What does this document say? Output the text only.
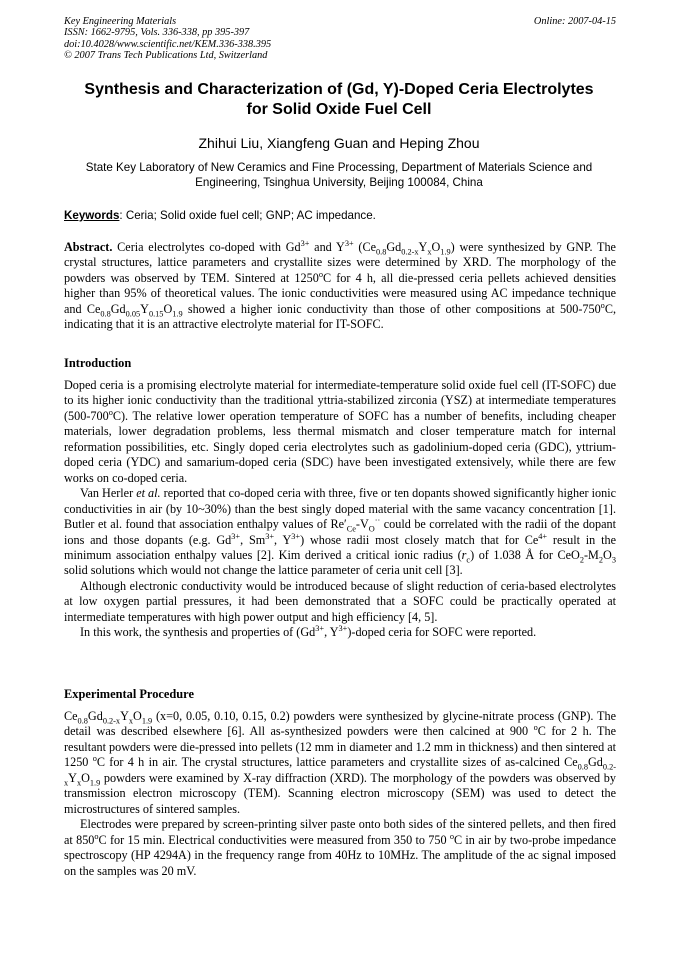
Key Engineering Materials	Online: 2007-04-15
ISSN: 1662-9795, Vols. 336-338, pp 395-397
doi:10.4028/www.scientific.net/KEM.336-338.395
© 2007 Trans Tech Publications Ltd, Switzerland
Synthesis and Characterization of (Gd, Y)-Doped Ceria Electrolytes
for Solid Oxide Fuel Cell
Zhihui Liu, Xiangfeng Guan and Heping Zhou
State Key Laboratory of New Ceramics and Fine Processing, Department of Materials Science and Engineering, Tsinghua University, Beijing 100084, China
Keywords: Ceria; Solid oxide fuel cell; GNP; AC impedance.

Abstract. Ceria electrolytes co-doped with $Gd^{3+}$ and $Y^{3+}$ $(Ce_{0.8}Gd_{0.2-x}Y_xO_{1.9})$ were synthesized by GNP. The crystal structures, lattice parameters and crystallite sizes were determined by XRD. The morphology of the powders was observed by TEM. Sintered at 1250$^o$C for 4 h, all die-pressed ceria pellets achieved densities higher than 95% of theoretical values. The ionic conductivities were measured using AC impedance technique and $Ce_{0.8}Gd_{0.05}Y_{0.15}O_{1.9}$ showed a higher ionic conductivity than those of other compositions at 500-750$^o$C, indicating that it is an attractive electrolyte material for IT-SOFC.

Introduction

Doped ceria is a promising electrolyte material for intermediate-temperature solid oxide fuel cell (IT-SOFC) due to its higher ionic conductivity than the traditional yttria-stabilized zirconia (YSZ) at intermediate temperatures (500-700$^o$C). The relative lower operation temperature of SOFC has a number of benefits, including cheaper materials, lower degradation problems, less thermal mismatch and closer temperature match for internal reformation possibilities, etc. Singly doped ceria electrolytes such as gadolinium-doped ceria (GDC), yttrium-doped ceria (YDC) and samarium-doped ceria (SDC) have been investigated extensively, while there are few works on co-doped ceria.

Van Herler et al. reported that co-doped ceria with three, five or ten dopants showed significantly higher ionic conductivities in air (by 10~30%) than the best singly doped material with the same vacancy concentration [1]. Butler et al. found that association enthalpy values of $Re'_{Ce}-V_O^{\cdot\cdot}$ could be correlated with the radii of the dopant ions and those dopants (e.g. $Gd^{3+}$, $Sm^{3+}$, $Y^{3+}$) whose radii most closely match that for $Ce^{4+}$ result in the minimum association enthalpy values [2]. Kim derived a critical ionic radius $(r_c)$ of 1.038 Å for $CeO_2-M_2O_3$ solid solutions which would not change the lattice parameter of ceria unit cell [3].

Although electronic conductivity would be introduced because of slight reduction of ceria-based electrolytes at low oxygen partial pressures, it had been demonstrated that a SOFC could be practically operated at intermediate temperatures with high power output and high efficiency [4, 5].

In this work, the synthesis and properties of ($Gd^{3+}$, $Y^{3+}$)-doped ceria for SOFC were reported.

Experimental Procedure

$Ce_{0.8}Gd_{0.2-x}Y_xO_{1.9}$ (x=0, 0.05, 0.10, 0.15, 0.2) powders were synthesized by glycine-nitrate process (GNP). The detail was described elsewhere [6]. All as-synthesized powders were then calcined at 900 $^o$C for 2 h. The resultant powders were die-pressed into pellets (12 mm in diameter and 1.2 mm in thickness) and then sintered at 1250 $^o$C for 4 h in air. The crystal structures, lattice parameters and crystallite sizes of as-calcined $Ce_{0.8}Gd_{0.2-x}Y_xO_{1.9}$ powders were examined by X-ray diffraction (XRD). The morphology of the powders was observed by transmission electron microscopy (TEM). Scanning electron microscopy (SEM) was used to detect the microstructures of sintered samples.

Electrodes were prepared by screen-printing silver paste onto both sides of the sintered pellets, and then fired at 850$^o$C for 15 min. Electrical conductivities were measured from 350 to 750 $^o$C in air by two-probe impedance spectroscopy (HP 4294A) in the frequency range from 40Hz to 10MHz. The amplitude of the ac signal imposed on the samples was 20 mV.
